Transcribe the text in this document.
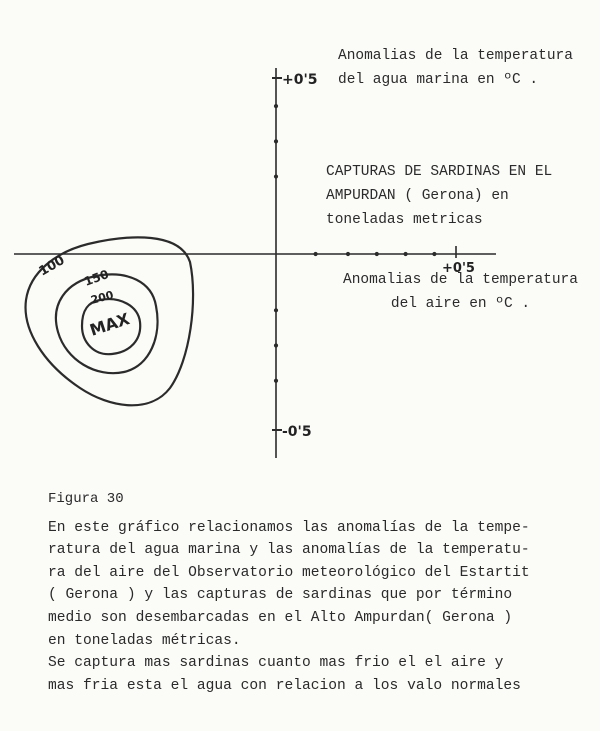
+0'5
-0'5
+0'5
100 150
200
MAX
Anomalias de la temperatura del agua marina en ºC .
CAPTURAS DE SARDINAS EN EL AMPURDAN ( Gerona) en toneladas metricas
Anomalias de la temperatura del aire en ºC .
Figura 30
En este gráfico relacionamos las anomalías de la tempe-
ratura del agua marina y las anomalías de la temperatu-
ra del aire del Observatorio meteorológico del Estartit
( Gerona ) y las capturas de sardinas que por término
medio son desembarcadas en el Alto Ampurdan( Gerona )
en toneladas métricas.
Se captura mas sardinas cuanto mas frio el el aire y
mas fria esta el agua con relacion a los valo normales
